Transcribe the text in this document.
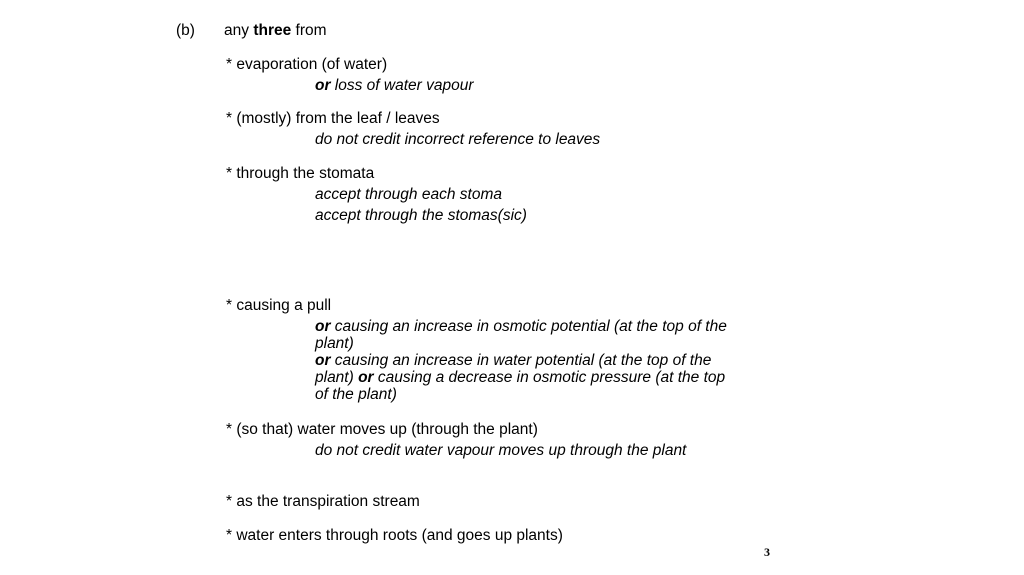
(b) any three from
* evaporation (of water)
or loss of water vapour
* (mostly) from the leaf / leaves
do not credit incorrect reference to leaves
* through the stomata
accept through each stoma
accept through the stomas(sic)
* causing a pull
or causing an increase in osmotic potential (at the top of the plant)
or causing an increase in water potential (at the top of the plant) or causing a decrease in osmotic pressure (at the top of the plant)
* (so that) water moves up (through the plant)
do not credit water vapour moves up through the plant
* as the transpiration stream
* water enters through roots (and goes up plants)
3
